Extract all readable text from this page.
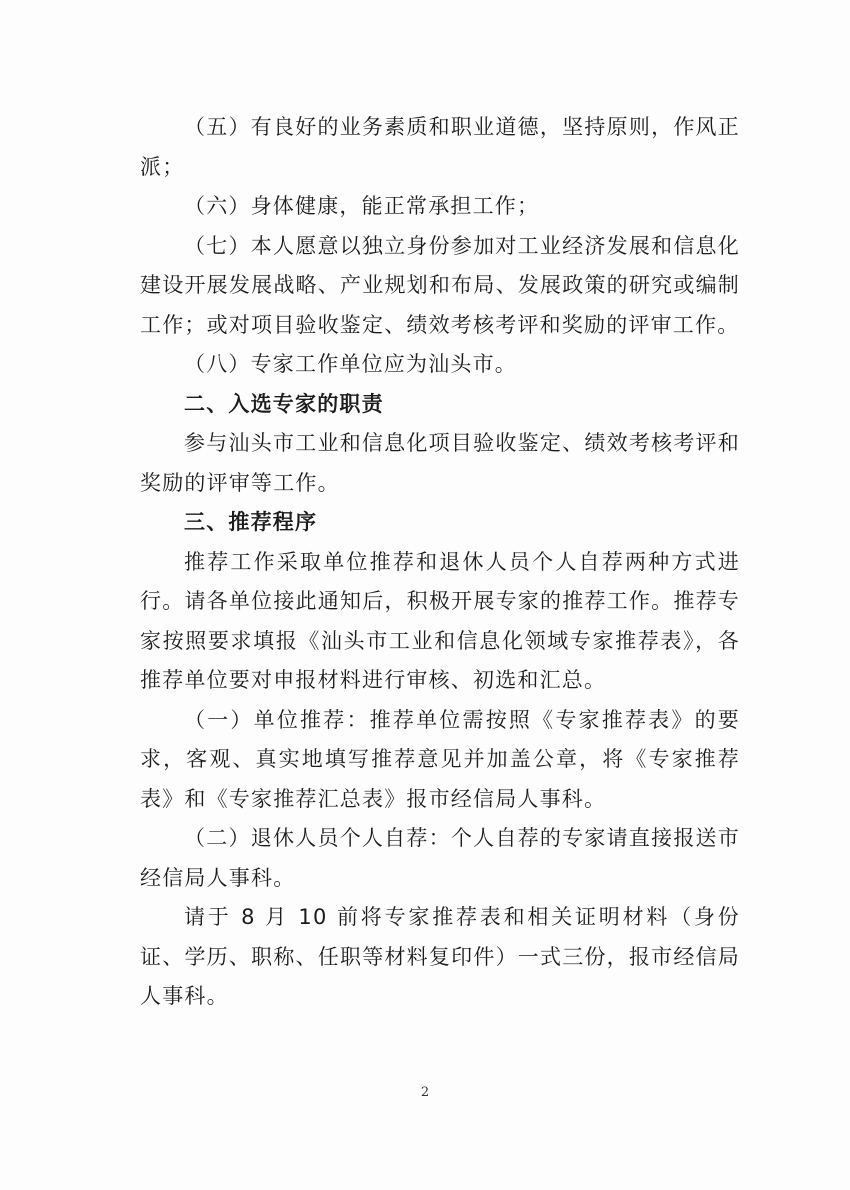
（五）有良好的业务素质和职业道德，坚持原则，作风正派；

（六）身体健康，能正常承担工作；

（七）本人愿意以独立身份参加对工业经济发展和信息化建设开展发展战略、产业规划和布局、发展政策的研究或编制工作；或对项目验收鉴定、绩效考核考评和奖励的评审工作。

（八）专家工作单位应为汕头市。

二、入选专家的职责

参与汕头市工业和信息化项目验收鉴定、绩效考核考评和奖励的评审等工作。

三、推荐程序

推荐工作采取单位推荐和退休人员个人自荐两种方式进行。请各单位接此通知后，积极开展专家的推荐工作。推荐专家按照要求填报《汕头市工业和信息化领域专家推荐表》，各推荐单位要对申报材料进行审核、初选和汇总。

（一）单位推荐：推荐单位需按照《专家推荐表》的要求，客观、真实地填写推荐意见并加盖公章，将《专家推荐表》和《专家推荐汇总表》报市经信局人事科。

（二）退休人员个人自荐：个人自荐的专家请直接报送市经信局人事科。

请于 8 月 10 前将专家推荐表和相关证明材料（身份证、学历、职称、任职等材料复印件）一式三份，报市经信局人事科。

2
